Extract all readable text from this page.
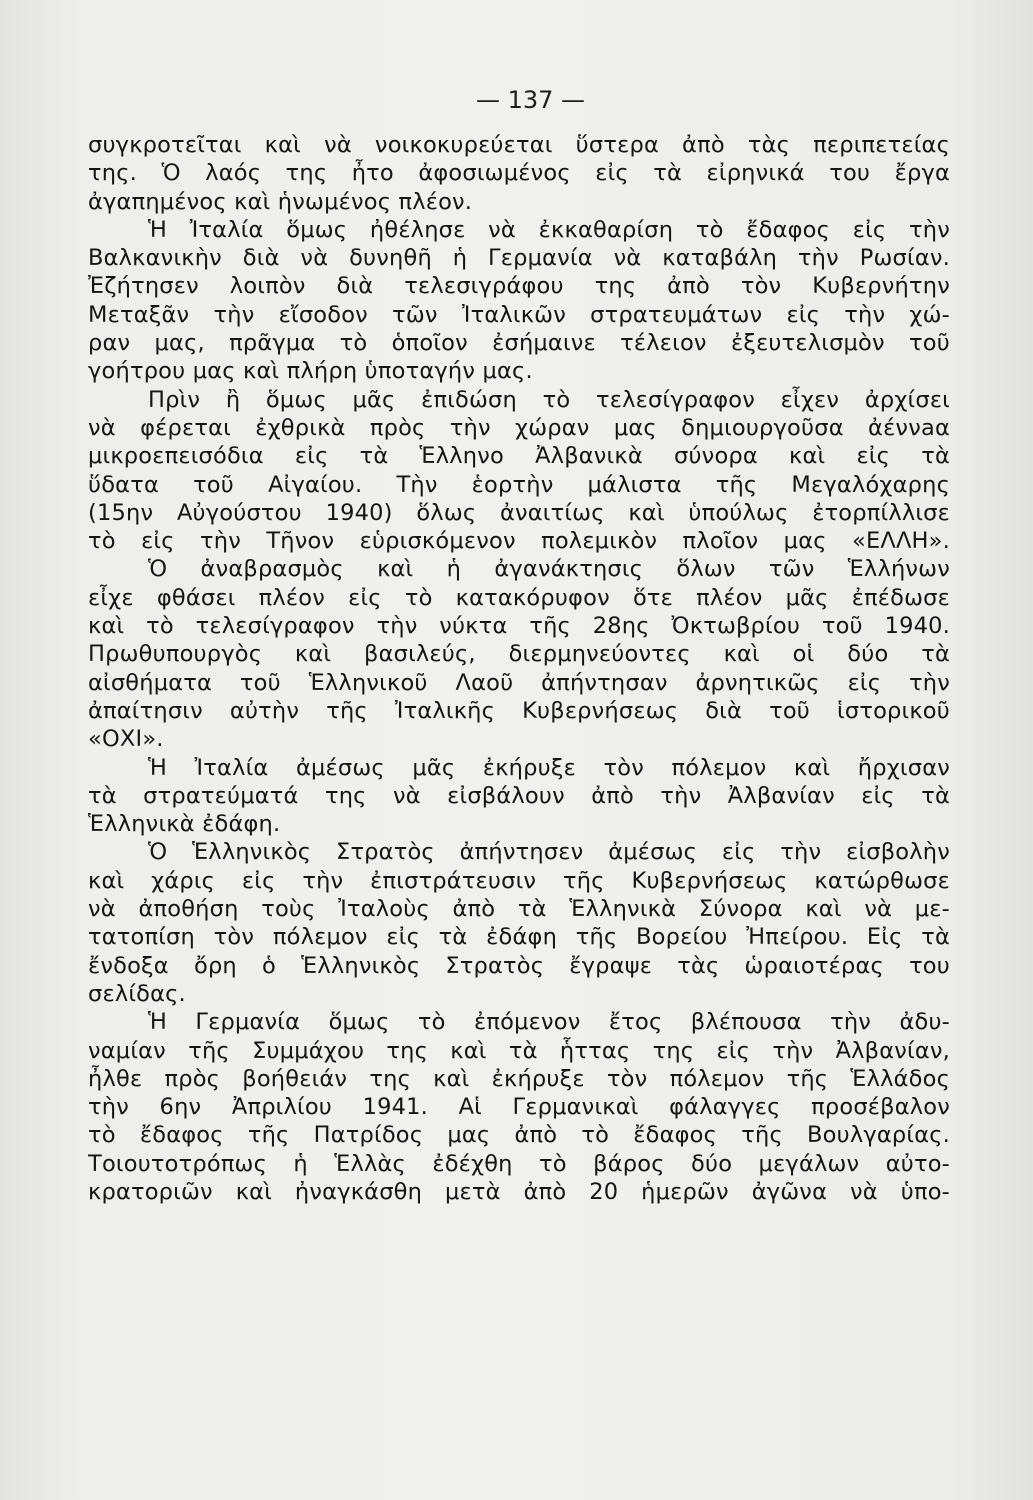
— 137 —
συγκροτεῖται καὶ νὰ νοικοκυρεύεται ὕστερα ἀπὸ τὰς περιπετείας
της. Ὁ λαός της ἦτο ἀφοσιωμένος εἰς τὰ εἰρηνικά του ἔργα
ἀγαπημένος καὶ ἡνωμένος πλέον.
Ἡ Ἰταλία ὅμως ἠθέλησε νὰ ἐκκαθαρίση τὸ ἔδαφος εἰς τὴν
Βαλκανικὴν διὰ νὰ δυνηθῆ ἡ Γερμανία νὰ καταβάλη τὴν Ρωσίαν.
Ἐζήτησεν λοιπὸν διὰ τελεσιγράφου της ἀπὸ τὸν Κυβερνήτην
Μεταξᾶν τὴν εἴσοδον τῶν Ἰταλικῶν στρατευμάτων εἰς τὴν χώ-
ραν μας, πρᾶγμα τὸ ὁποῖον ἐσήμαινε τέλειον ἐξευτελισμὸν τοῦ
γοήτρου μας καὶ πλήρη ὑποταγήν μας.
Πρὶν ἢ ὅμως μᾶς ἐπιδώση τὸ τελεσίγραφον εἶχεν ἀρχίσει
νὰ φέρεται ἐχθρικὰ πρὸς τὴν χώραν μας δημιουργοῦσα ἀέννaα
μικροεπεισόδια εἰς τὰ Ἑλληνο Ἀλβανικὰ σύνορα καὶ εἰς τὰ
ὕδατα τοῦ Αἰγαίου. Τὴν ἑορτὴν μάλιστα τῆς Μεγαλόχαρης
(15ην Αὐγούστου 1940) ὅλως ἀναιτίως καὶ ὑπούλως ἐτορπίλλισε
τὸ εἰς τὴν Τῆνον εὑρισκόμενον πολεμικὸν πλοῖον μας «ΕΛΛΗ».
Ὁ ἀναβρασμὸς καὶ ἡ ἀγανάκτησις ὅλων τῶν Ἑλλήνων
εἶχε φθάσει πλέον εἰς τὸ κατακόρυφον ὅτε πλέον μᾶς ἐπέδωσε
καὶ τὸ τελεσίγραφον τὴν νύκτα τῆς 28ης Ὀκτωβρίου τοῦ 1940.
Πρωθυπουργὸς καὶ βασιλεύς, διερμηνεύοντες καὶ οἱ δύο τὰ
αἰσθήματα τοῦ Ἑλληνικοῦ Λαοῦ ἀπήντησαν ἀρνητικῶς εἰς τὴν
ἀπαίτησιν αὐτὴν τῆς Ἰταλικῆς Κυβερνήσεως διὰ τοῦ ἱστορικοῦ
«ΟΧΙ».
Ἡ Ἰταλία ἀμέσως μᾶς ἐκήρυξε τὸν πόλεμον καὶ ἤρχισαν
τὰ στρατεύματά της νὰ εἰσβάλουν ἀπὸ τὴν Ἀλβανίαν εἰς τὰ
Ἑλληνικὰ ἐδάφη.
Ὁ Ἑλληνικὸς Στρατὸς ἀπήντησεν ἀμέσως εἰς τὴν εἰσβολὴν
καὶ χάρις εἰς τὴν ἐπιστράτευσιν τῆς Κυβερνήσεως κατώρθωσε
νὰ ἀποθήση τοὺς Ἰταλοὺς ἀπὸ τὰ Ἑλληνικὰ Σύνορα καὶ νὰ με-
τατοπίση τὸν πόλεμον εἰς τὰ ἐδάφη τῆς Βορείου Ἠπείρου. Εἰς τὰ
ἔνδοξα ὄρη ὁ Ἑλληνικὸς Στρατὸς ἔγραψε τὰς ὡραιοτέρας του
σελίδας.
Ἡ Γερμανία ὅμως τὸ ἐπόμενον ἔτος βλέπουσα τὴν ἀδυ-
ναμίαν τῆς Συμμάχου της καὶ τὰ ἧττας της εἰς τὴν Ἀλβανίαν,
ἦλθε πρὸς βοήθειάν της καὶ ἐκήρυξε τὸν πόλεμον τῆς Ἑλλάδος
τὴν 6ην Ἀπριλίου 1941. Αἱ Γερμανικαὶ φάλαγγες προσέβαλον
τὸ ἔδαφος τῆς Πατρίδος μας ἀπὸ τὸ ἔδαφος τῆς Βουλγαρίας.
Τοιουτοτρόπως ἡ Ἑλλὰς ἐδέχθη τὸ βάρος δύο μεγάλων αὐτο-
κρατοριῶν καὶ ἠναγκάσθη μετὰ ἀπὸ 20 ἡμερῶν ἀγῶνα νὰ ὑπο-
